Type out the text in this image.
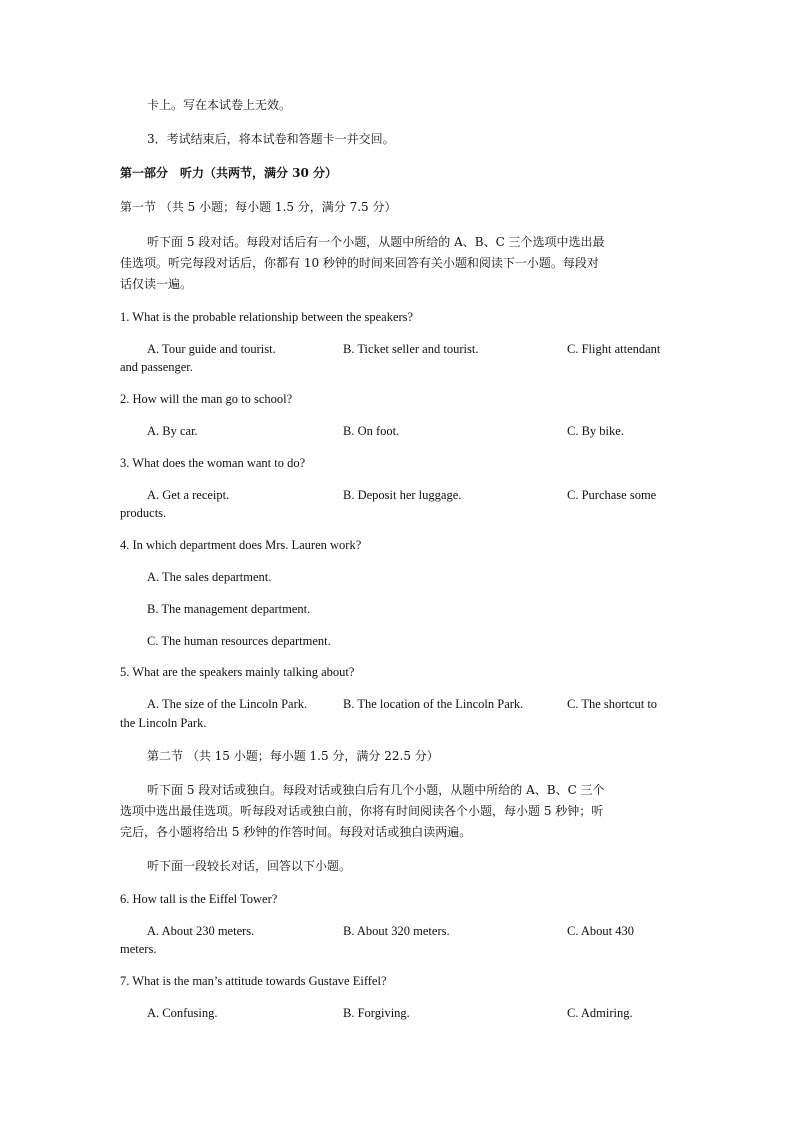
卡上。写在本试卷上无效。
3．考试结束后，将本试卷和答题卡一并交回。
第一部分　听力（共两节，满分 30 分）
第一节 （共 5 小题；每小题 1.5 分，满分 7.5 分）
听下面 5 段对话。每段对话后有一个小题，从题中所给的 A、B、C 三个选项中选出最
佳选项。听完每段对话后，你都有 10 秒钟的时间来回答有关小题和阅读下一小题。每段对
话仅读一遍。
1. What is the probable relationship between the speakers?
A. Tour guide and tourist.	B. Ticket seller and tourist.	C. Flight attendant
and passenger.
2. How will the man go to school?
A. By car.	B. On foot.	C. By bike.
3. What does the woman want to do?
A. Get a receipt.	B. Deposit her luggage.	C. Purchase some
products.
4. In which department does Mrs. Lauren work?
A. The sales department.
B. The management department.
C. The human resources department.
5. What are the speakers mainly talking about?
A. The size of the Lincoln Park.	B. The location of the Lincoln Park.	C. The shortcut to
the Lincoln Park.
第二节 （共 15 小题；每小题 1.5 分，满分 22.5 分）
听下面 5 段对话或独白。每段对话或独白后有几个小题，从题中所给的 A、B、C 三个
选项中选出最佳选项。听每段对话或独白前，你将有时间阅读各个小题，每小题 5 秒钟；听
完后，各小题将给出 5 秒钟的作答时间。每段对话或独白读两遍。
听下面一段较长对话，回答以下小题。
6. How tall is the Eiffel Tower?
A. About 230 meters.	B. About 320 meters.	C. About 430
meters.
7. What is the man’s attitude towards Gustave Eiffel?
A. Confusing.	B. Forgiving.	C. Admiring.
